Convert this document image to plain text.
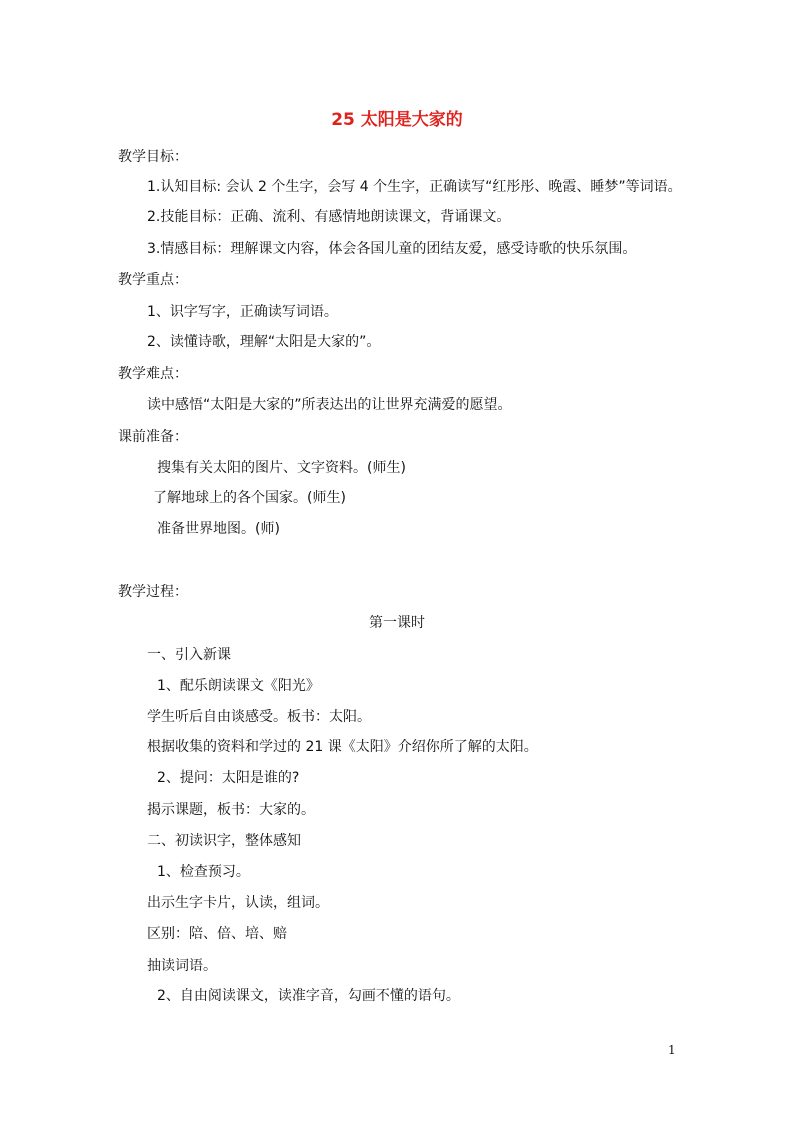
25 太阳是大家的
教学目标：
1.认知目标: 会认 2 个生字，会写 4 个生字，正确读写“红彤彤、晚霞、睡梦”等词语。
2.技能目标：正确、流利、有感情地朗读课文，背诵课文。
3.情感目标：理解课文内容，体会各国儿童的团结友爱，感受诗歌的快乐氛围。
教学重点：
1、识字写字，正确读写词语。
2、读懂诗歌，理解“太阳是大家的”。
教学难点：
读中感悟“太阳是大家的”所表达出的让世界充满爱的愿望。
课前准备：
搜集有关太阳的图片、文字资料。(师生)
了解地球上的各个国家。(师生)
准备世界地图。(师)
教学过程：
第一课时
一、引入新课
1、配乐朗读课文《阳光》
学生听后自由谈感受。板书：太阳。
根据收集的资料和学过的 21 课《太阳》介绍你所了解的太阳。
2、提问：太阳是谁的?
揭示课题，板书：大家的。
二、初读识字，整体感知
1、检查预习。
出示生字卡片，认读，组词。
区别：陪、倍、培、赔
抽读词语。
2、自由阅读课文，读准字音，勾画不懂的语句。
1
